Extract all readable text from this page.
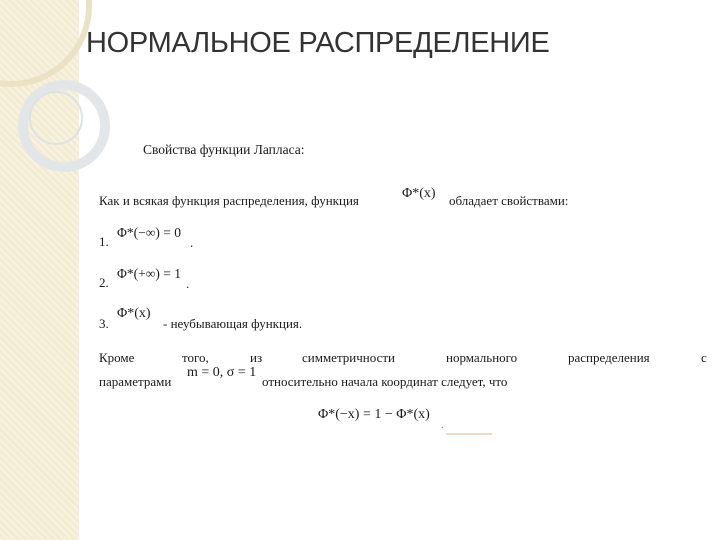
НОРМАЛЬНОЕ РАСПРЕДЕЛЕНИЕ
Свойства функции Лапласа:
Как и всякая функция распределения, функция	Φ*(x) обладает свойствами:
1.
Φ*(−∞) = 0
.
2.
Φ*(+∞) = 1
.
3.
Φ*(x)
- неубывающая функция.
Кроме	того,	из	симметричности	нормального	распределения	с
параметрами
m = 0, σ = 1
относительно начала координат следует, что
Φ*(−x) = 1 − Φ*(x)
.
